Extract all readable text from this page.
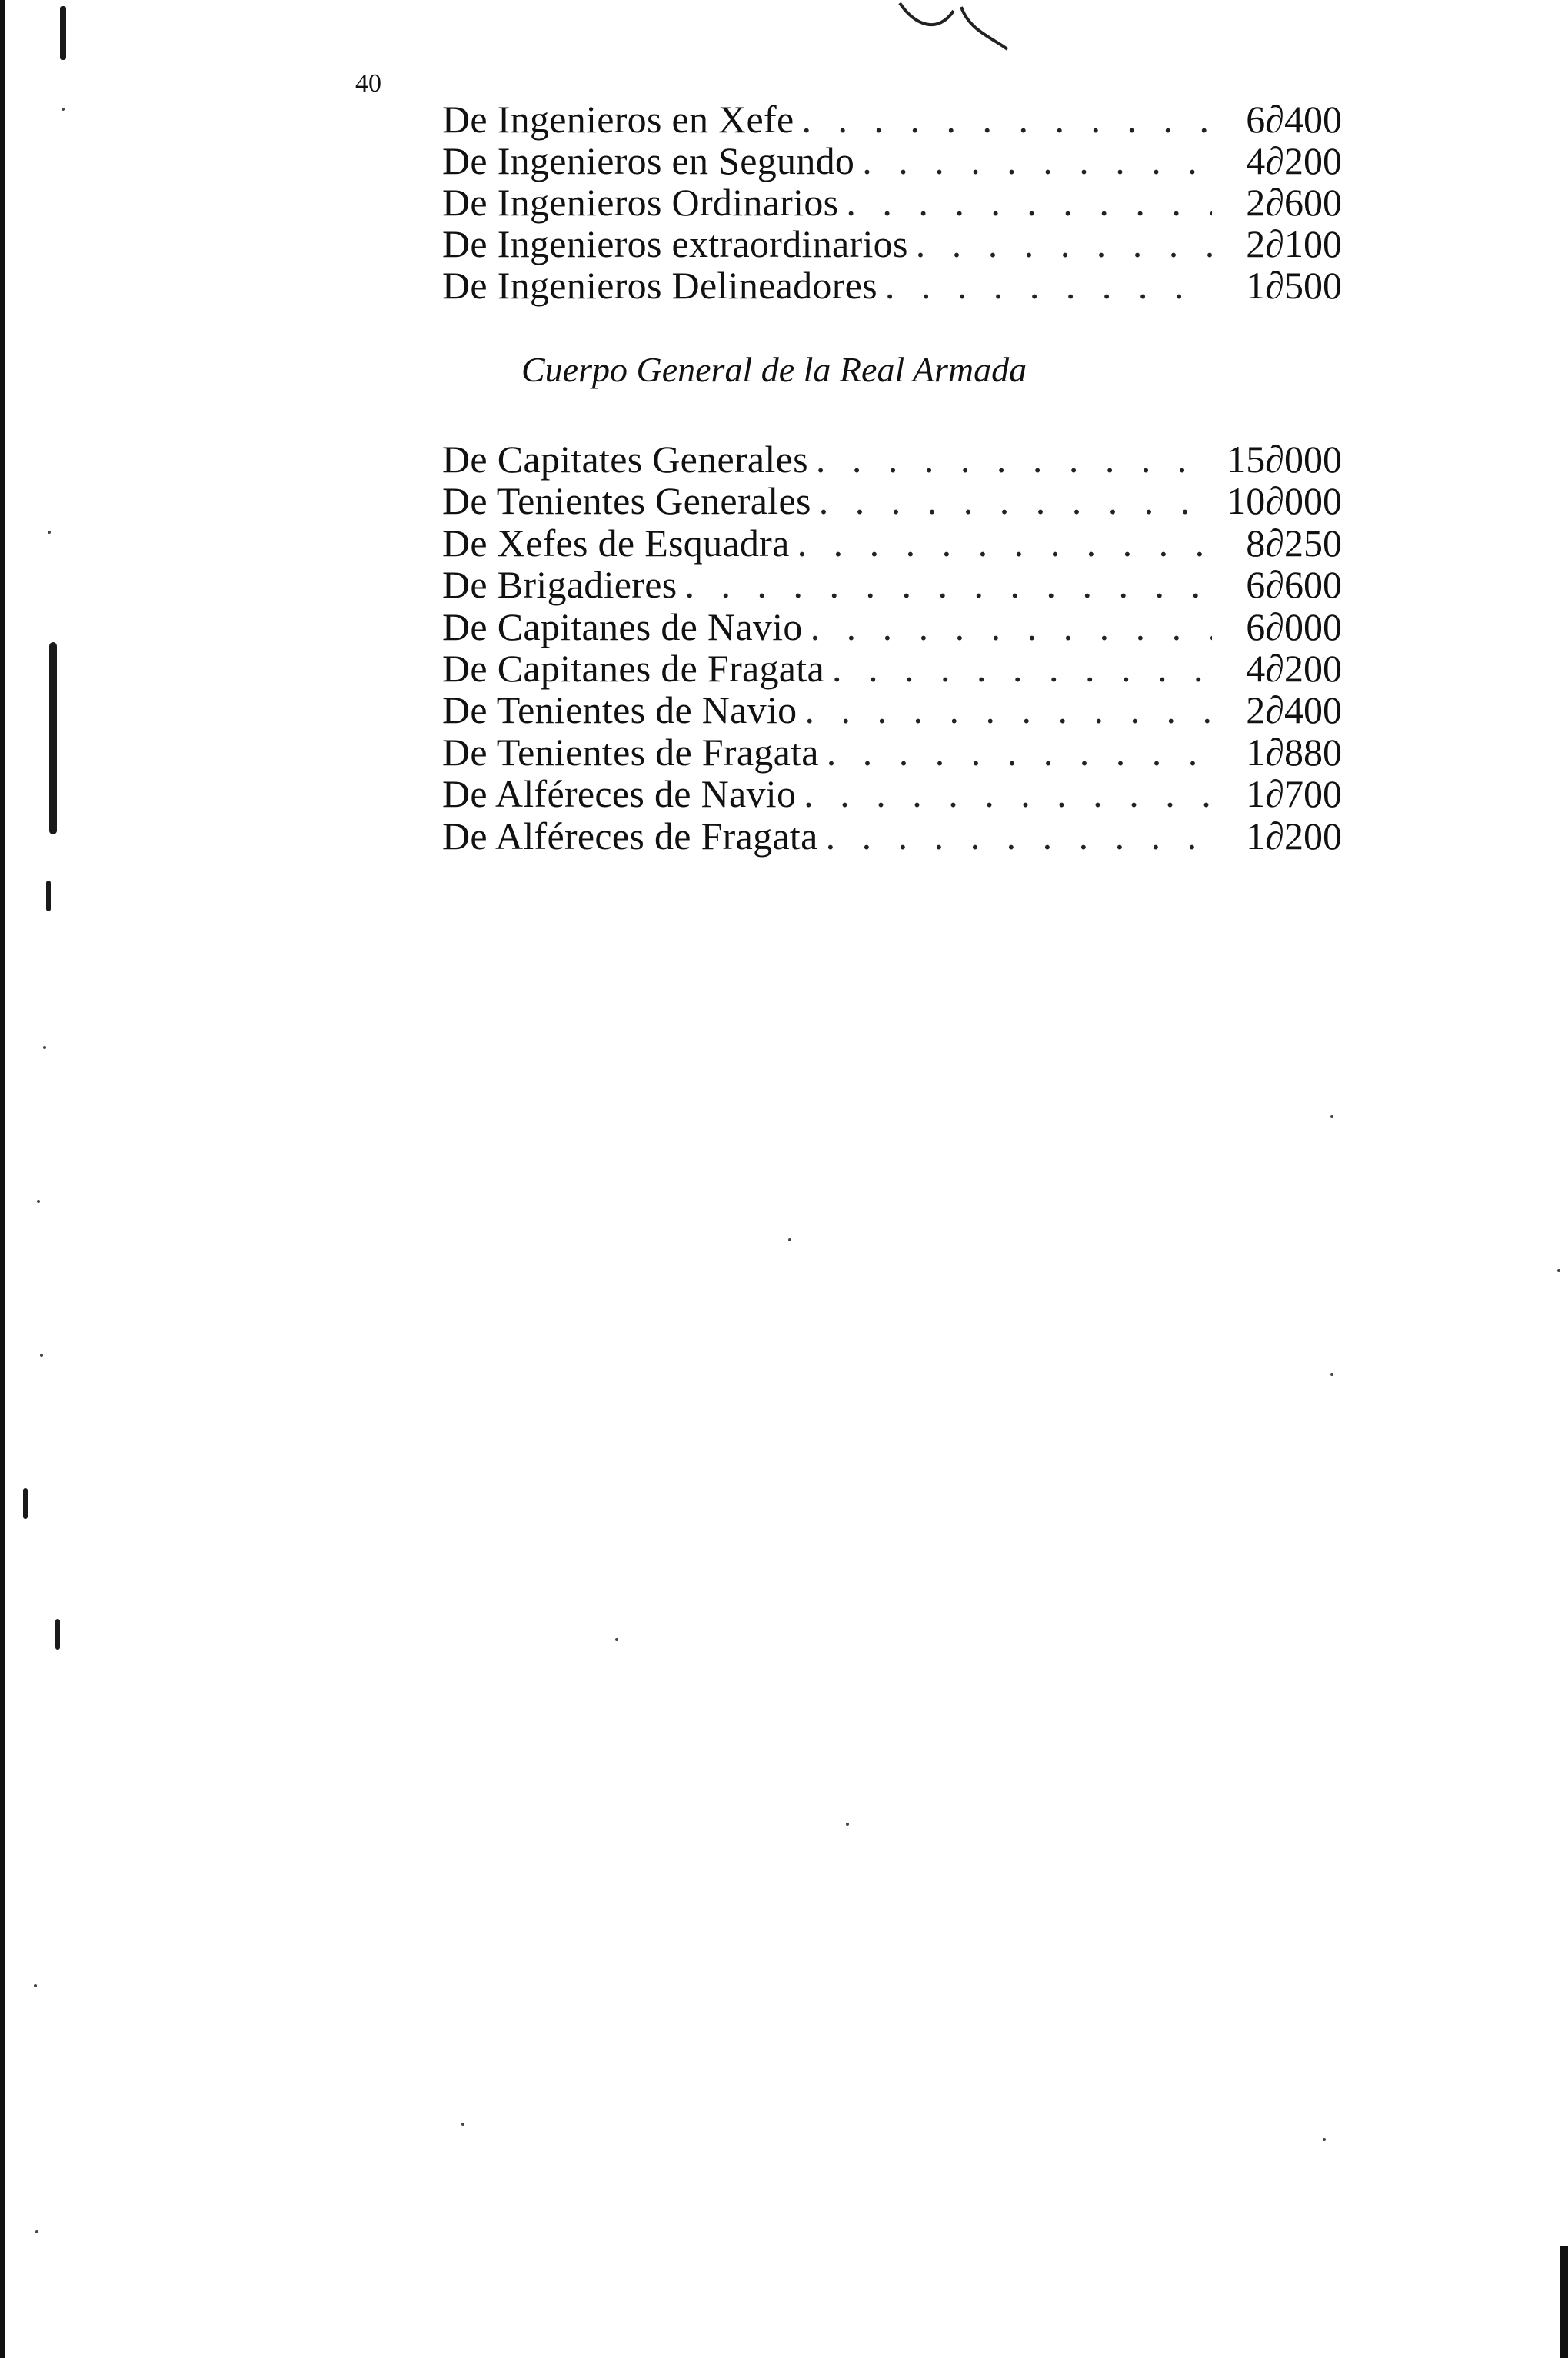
40
De Ingenieros en Xefe . . .	6∂400
De Ingenieros en Segundo . . .	4∂200
De Ingenieros Ordinarios . . .	2∂600
De Ingenieros extraordinarios . . .	2∂100
De Ingenieros Delineadores . . .	1∂500
Cuerpo General de la Real Armada
De Capitates Generales . . .	15∂000
De Tenientes Generales . . .	10∂000
De Xefes de Esquadra . . .	8∂250
De Brigadieres . . .	6∂600
De Capitanes de Navio . . .	6∂000
De Capitanes de Fragata . . .	4∂200
De Tenientes de Navio . . .	2∂400
De Tenientes de Fragata . . .	1∂880
De Alféreces de Navio . . .	1∂700
De Alféreces de Fragata . . .	1∂200
